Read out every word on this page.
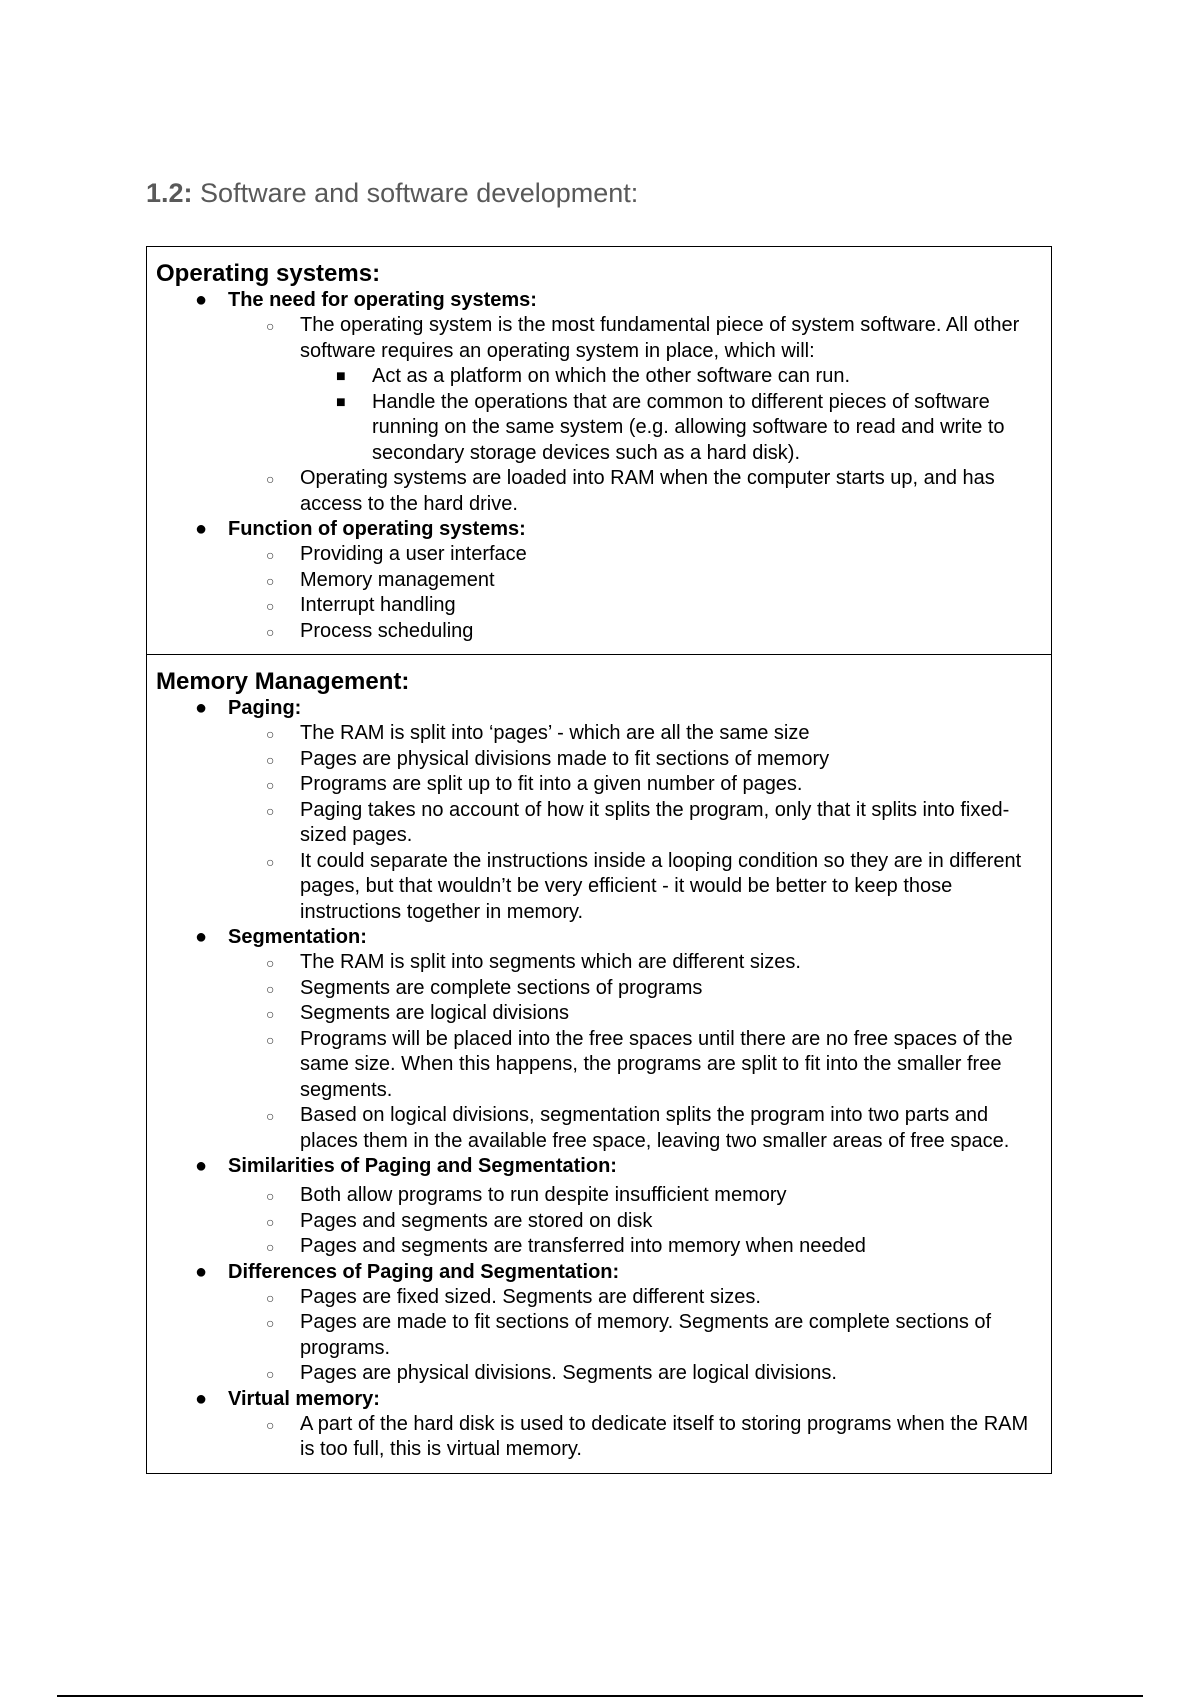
1.2: Software and software development:
Operating systems:
● The need for operating systems:
○ The operating system is the most fundamental piece of system software. All other software requires an operating system in place, which will:
■ Act as a platform on which the other software can run.
■ Handle the operations that are common to different pieces of software running on the same system (e.g. allowing software to read and write to secondary storage devices such as a hard disk).
○ Operating systems are loaded into RAM when the computer starts up, and has access to the hard drive.
● Function of operating systems:
○ Providing a user interface
○ Memory management
○ Interrupt handling
○ Process scheduling
Memory Management:
● Paging:
○ The RAM is split into ‘pages’ - which are all the same size
○ Pages are physical divisions made to fit sections of memory
○ Programs are split up to fit into a given number of pages.
○ Paging takes no account of how it splits the program, only that it splits into fixed-sized pages.
○ It could separate the instructions inside a looping condition so they are in different pages, but that wouldn’t be very efficient - it would be better to keep those instructions together in memory.
● Segmentation:
○ The RAM is split into segments which are different sizes.
○ Segments are complete sections of programs
○ Segments are logical divisions
○ Programs will be placed into the free spaces until there are no free spaces of the same size. When this happens, the programs are split to fit into the smaller free segments.
○ Based on logical divisions, segmentation splits the program into two parts and places them in the available free space, leaving two smaller areas of free space.
● Similarities of Paging and Segmentation:
○ Both allow programs to run despite insufficient memory
○ Pages and segments are stored on disk
○ Pages and segments are transferred into memory when needed
● Differences of Paging and Segmentation:
○ Pages are fixed sized. Segments are different sizes.
○ Pages are made to fit sections of memory. Segments are complete sections of programs.
○ Pages are physical divisions. Segments are logical divisions.
● Virtual memory:
○ A part of the hard disk is used to dedicate itself to storing programs when the RAM is too full, this is virtual memory.
